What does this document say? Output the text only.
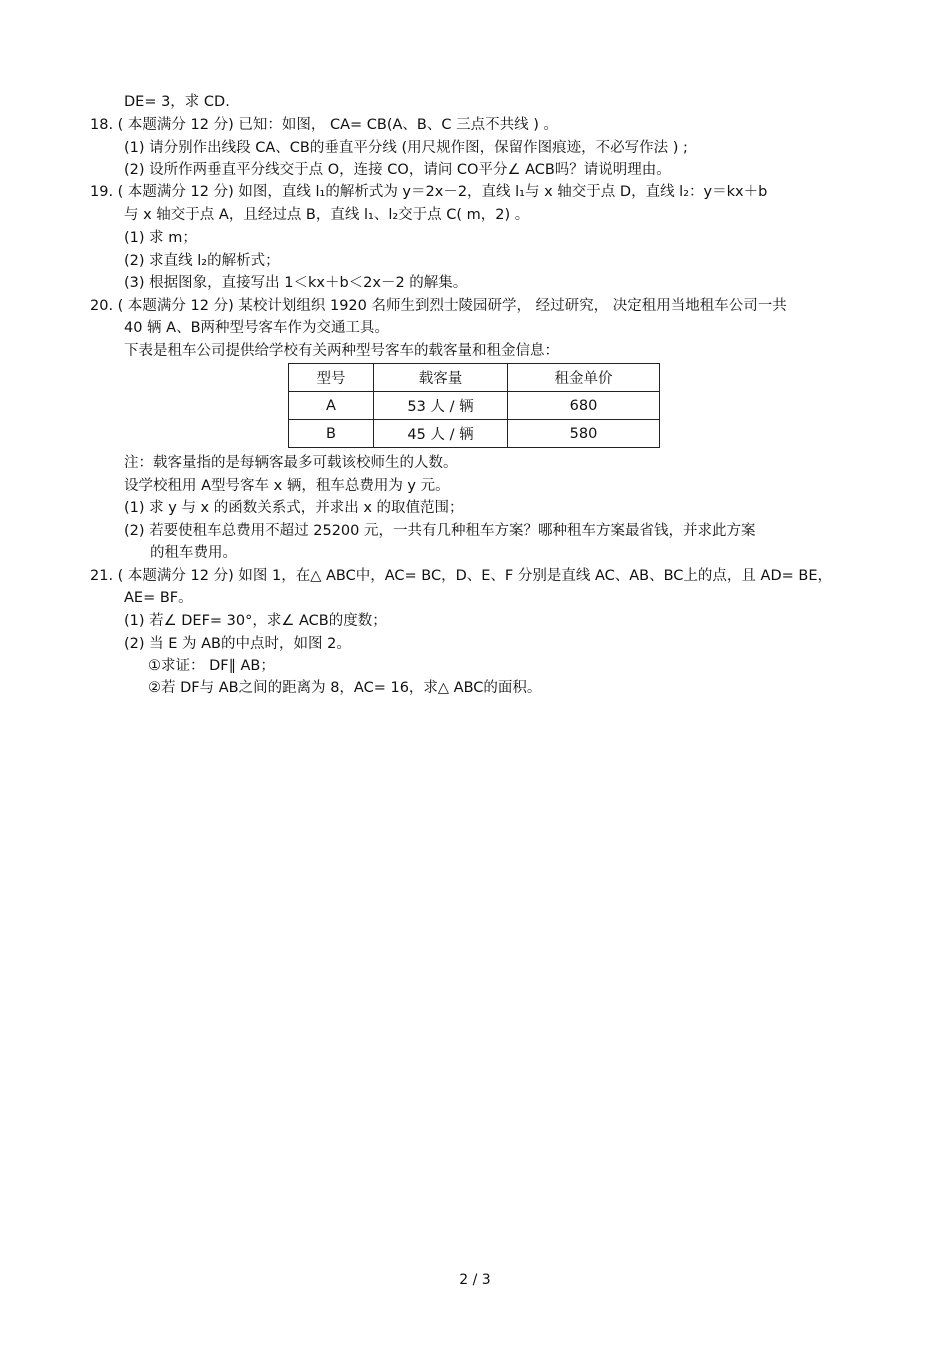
DE= 3，求 CD.
18. ( 本题满分 12 分) 已知：如图， CA= CB(A、B、C 三点不共线 ) 。
(1) 请分别作出线段 CA、CB的垂直平分线 (用尺规作图，保留作图痕迹，不必写作法 ) ;
(2) 设所作两垂直平分线交于点 O，连接 CO，请问 CO平分∠ ACB吗？请说明理由。
19. ( 本题满分 12 分) 如图，直线 l₁的解析式为 y＝2x－2，直线 l₁与 x 轴交于点 D，直线 l₂：y＝kx＋b
与 x 轴交于点 A，且经过点 B，直线 l₁、l₂交于点 C( m，2) 。
(1) 求 m；
(2) 求直线 l₂的解析式；
(3) 根据图象，直接写出 1＜kx＋b＜2x－2 的解集。
20. ( 本题满分 12 分) 某校计划组织 1920 名师生到烈士陵园研学， 经过研究， 决定租用当地租车公司一共
40 辆 A、B两种型号客车作为交通工具。
下表是租车公司提供给学校有关两种型号客车的载客量和租金信息：
型号	载客量	租金单价
A	53 人 / 辆	680
B	45 人 / 辆	580
注：载客量指的是每辆客最多可载该校师生的人数。
设学校租用 A型号客车 x 辆，租车总费用为 y 元。
(1) 求 y 与 x 的函数关系式，并求出 x 的取值范围；
(2) 若要使租车总费用不超过 25200 元，一共有几种租车方案？哪种租车方案最省钱，并求此方案
的租车费用。
21. ( 本题满分 12 分) 如图 1，在△ ABC中，AC= BC，D、E、F 分别是直线 AC、AB、BC上的点，且 AD= BE，
AE= BF。
(1) 若∠ DEF= 30°，求∠ ACB的度数；
(2) 当 E 为 AB的中点时，如图 2。
①求证： DF∥ AB；
②若 DF与 AB之间的距离为 8，AC= 16，求△ ABC的面积。
2 / 3
